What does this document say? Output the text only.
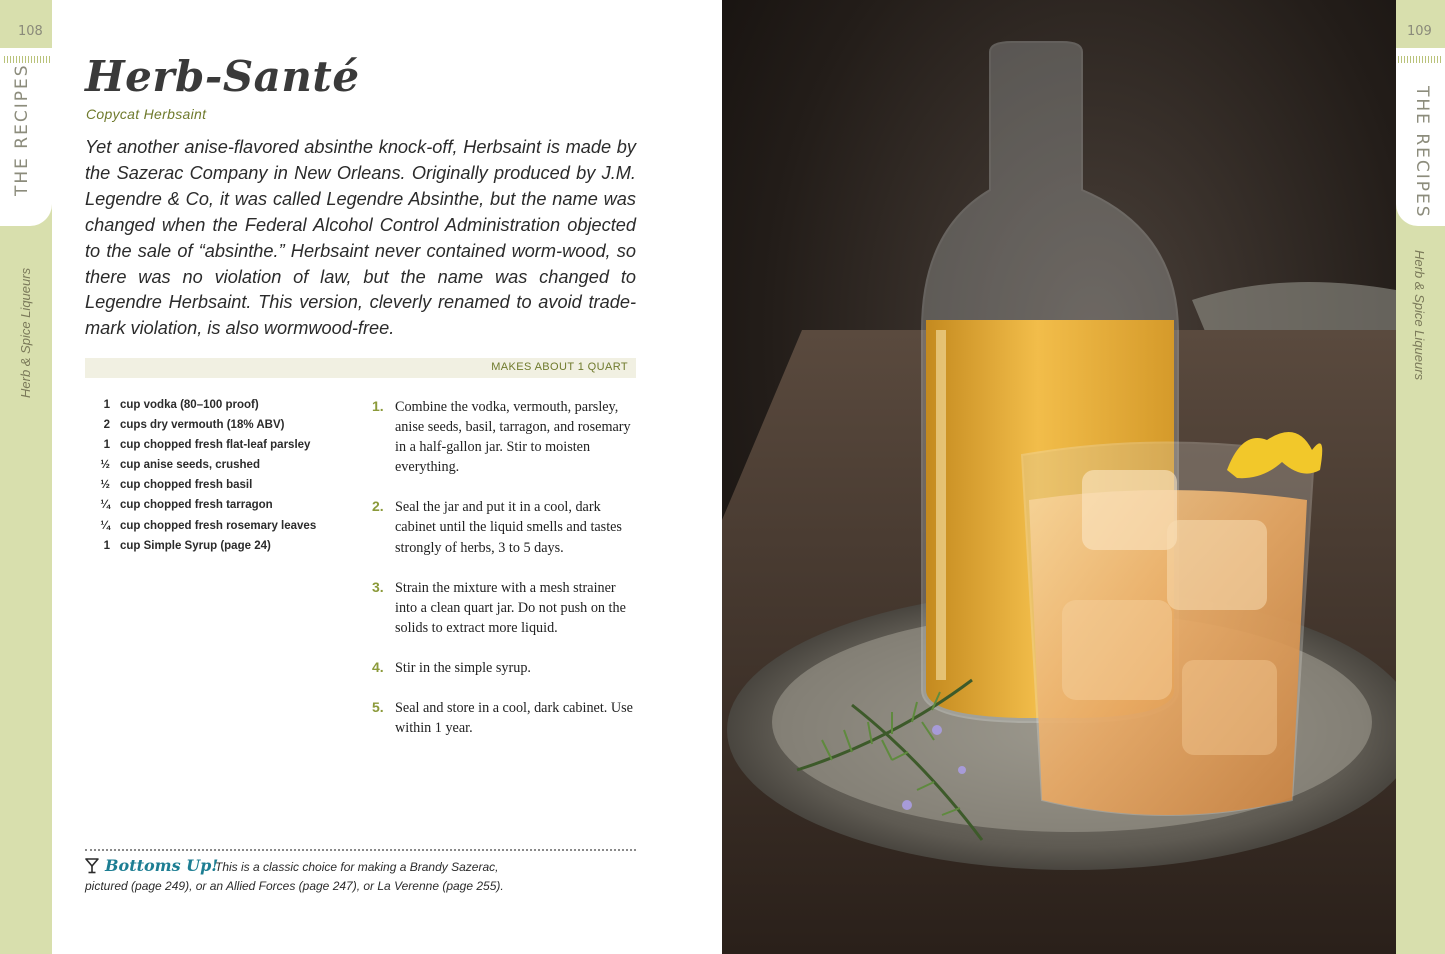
108
THE RECIPES
Herb & Spice Liqueurs
Herb-Santé
Copycat Herbsaint

Yet another anise-flavored absinthe knock-off, Herbsaint is made by the Sazerac Company in New Orleans. Originally produced by J.M. Legendre & Co, it was called Legendre Absinthe, but the name was changed when the Federal Alcohol Control Administration objected to the sale of “absinthe.” Herbsaint never contained worm-wood, so there was no violation of law, but the name was changed to Legendre Herbsaint. This version, cleverly renamed to avoid trade-mark violation, is also wormwood-free.

MAKES ABOUT 1 QUART
1 cup vodka (80–100 proof)
2 cups dry vermouth (18% ABV)
1 cup chopped fresh flat-leaf parsley
½ cup anise seeds, crushed
½ cup chopped fresh basil
¼ cup chopped fresh tarragon
¼ cup chopped fresh rosemary leaves
1 cup Simple Syrup (page 24)
1. Combine the vodka, vermouth, parsley, anise seeds, basil, tarragon, and rosemary in a half-gallon jar. Stir to moisten everything.
2. Seal the jar and put it in a cool, dark cabinet until the liquid smells and tastes strongly of herbs, 3 to 5 days.
3. Strain the mixture with a mesh strainer into a clean quart jar. Do not push on the solids to extract more liquid.
4. Stir in the simple syrup.
5. Seal and store in a cool, dark cabinet. Use within 1 year.
Bottoms Up!
This is a classic choice for making a Brandy Sazerac,
pictured (page 249), or an Allied Forces (page 247), or La Verenne (page 255).
109
THE RECIPES
Herb & Spice Liqueurs
